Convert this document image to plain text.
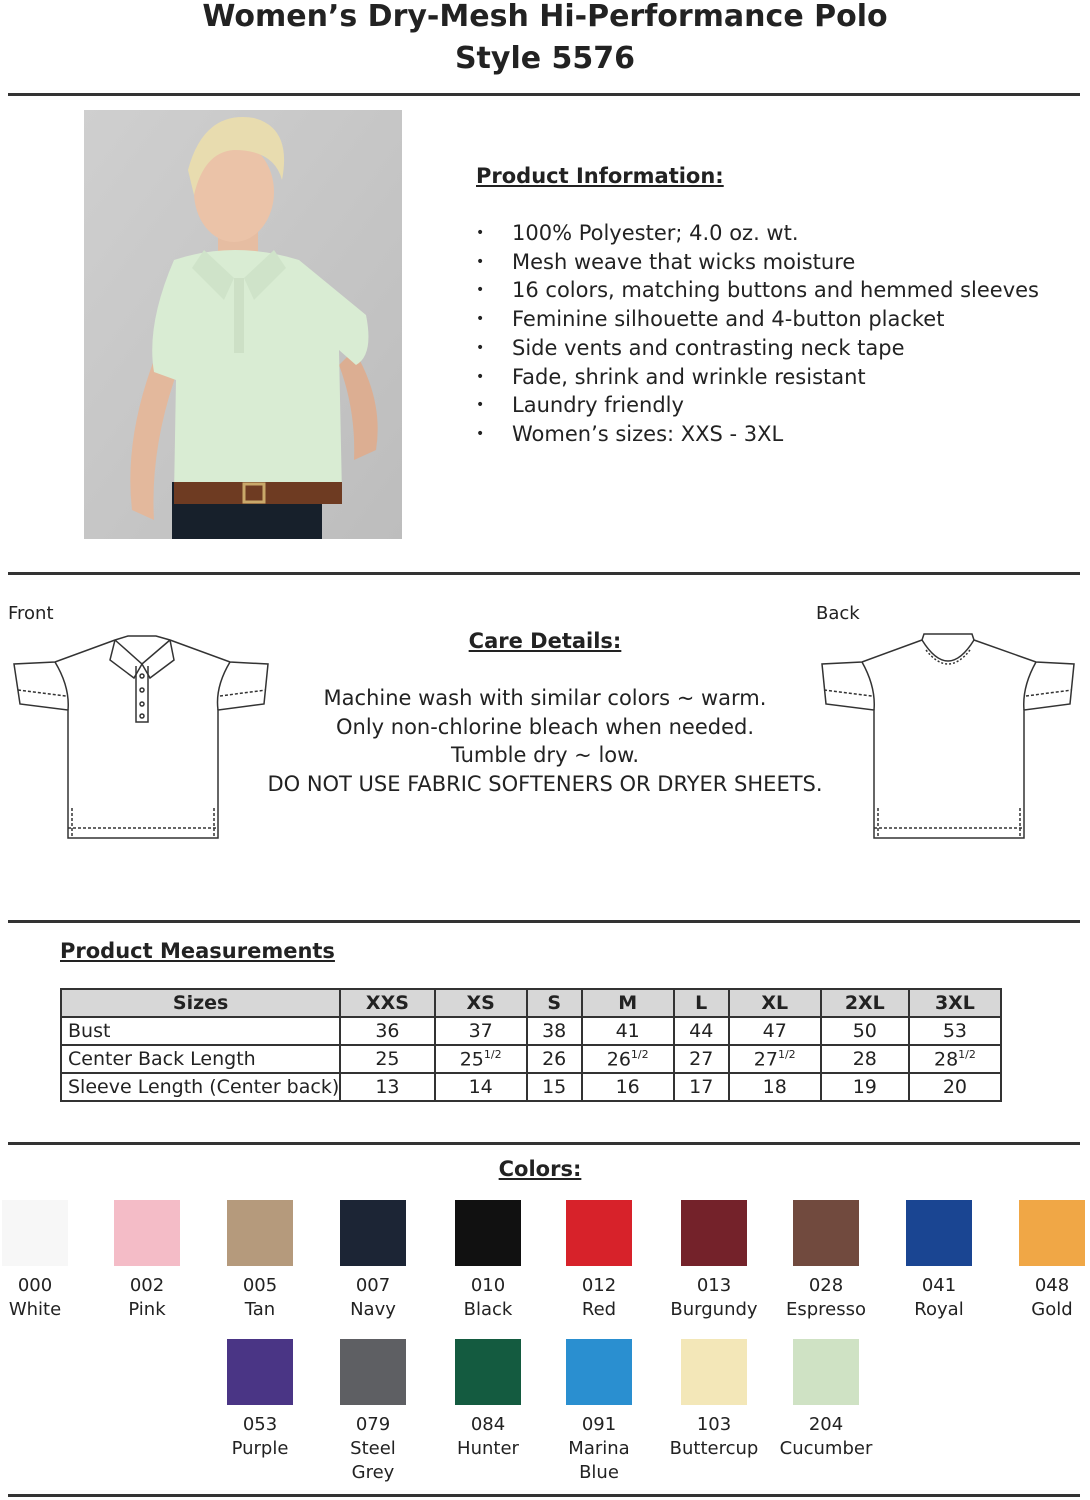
Women’s Dry-Mesh Hi-Performance Polo
Style 5576
Product Information:
• 100% Polyester; 4.0 oz. wt.
• Mesh weave that wicks moisture
• 16 colors, matching buttons and hemmed sleeves
• Feminine silhouette and 4-button placket
• Side vents and contrasting neck tape
• Fade, shrink and wrinkle resistant
• Laundry friendly
• Women’s sizes: XXS - 3XL
Front	Back
Care Details:
Machine wash with similar colors ~ warm.
Only non-chlorine bleach when needed.
Tumble dry ~ low.
DO NOT USE FABRIC SOFTENERS OR DRYER SHEETS.
Product Measurements
Sizes	XXS	XS	S	M	L	XL	2XL	3XL
Bust	36	37	38	41	44	47	50	53
Center Back Length	25	$25^{1/2}$	26	$26^{1/2}$	27	$27^{1/2}$	28	$28^{1/2}$
Sleeve Length (Center back)	13	14	15	16	17	18	19	20
Colors:
000
White
002
Pink
005
Tan
007
Navy
010
Black
012
Red
013
Burgundy
028
Espresso
041
Royal
048
Gold
053
Purple
079
Steel
Grey
084
Hunter
091
Marina
Blue
103
Buttercup
204
Cucumber
